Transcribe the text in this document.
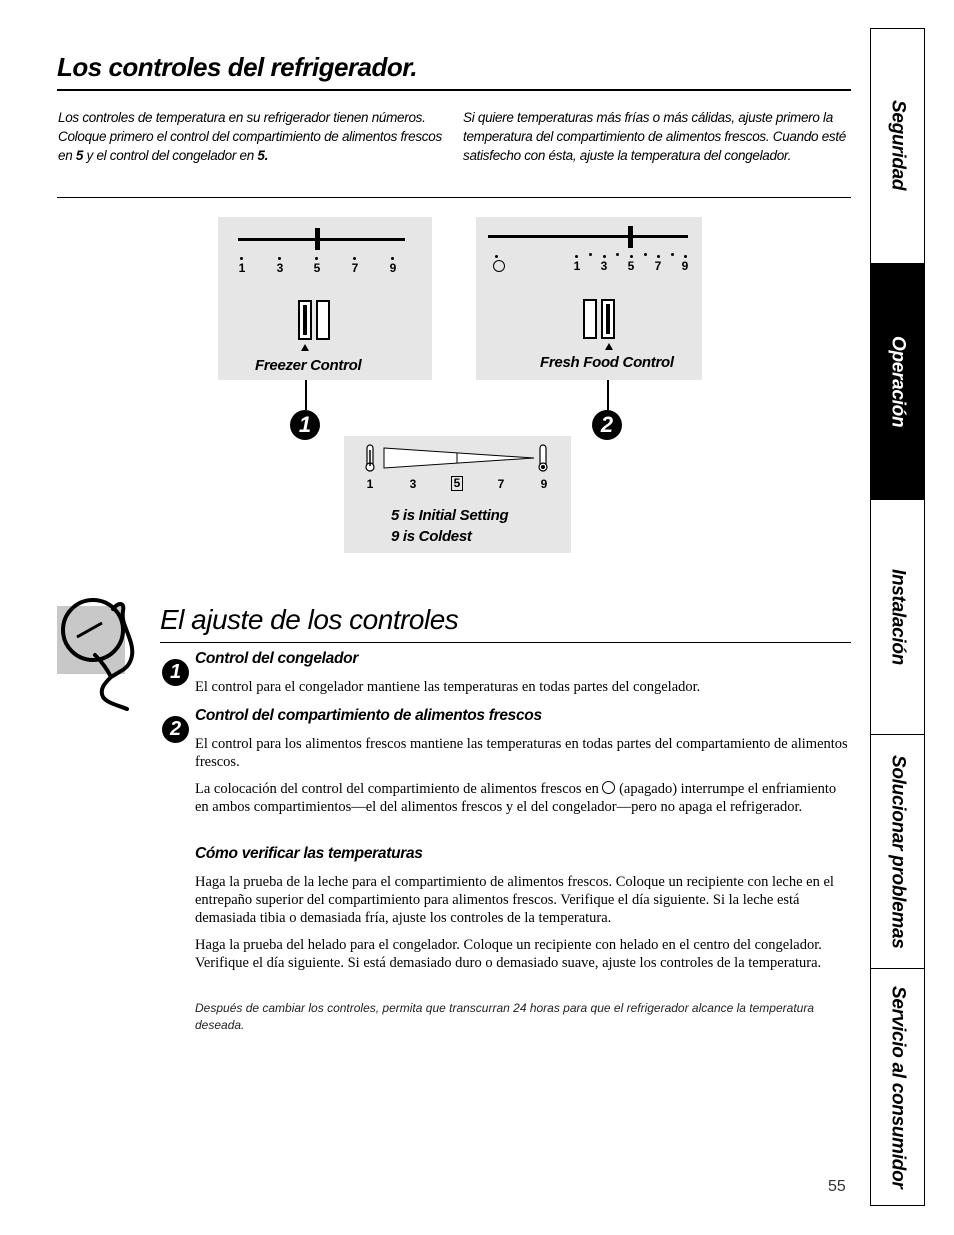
Los controles del refrigerador.
Los controles de temperatura en su refrigerador tienen números. Coloque primero el control del compartimiento de alimentos frescos en 5 y el control del congelador en 5.
Si quiere temperaturas más frías o más cálidas, ajuste primero la temperatura del compartimiento de alimentos frescos. Cuando esté satisfecho con ésta, ajuste la temperatura del congelador.
1	3	5	7	9
Freezer Control
1
1 3 5 7 9
Fresh Food Control
2
1	3	5	7	9
5 is Initial Setting
9 is Coldest
El ajuste de los controles
1
Control del congelador
El control para el congelador mantiene las temperaturas en todas partes del congelador.
2
Control del compartimiento de alimentos frescos
El control para los alimentos frescos mantiene las temperaturas en todas partes del compartamiento de alimentos frescos.
La colocación del control del compartimiento de alimentos frescos en  (apagado) interrumpe el enfriamiento en ambos compartimientos—el del alimentos frescos y el del congelador—pero no apaga el refrigerador.
Cómo verificar las temperaturas
Haga la prueba de la leche para el compartimiento de alimentos frescos. Coloque un recipiente con leche en el entrepaño superior del compartimiento para alimentos frescos. Verifique el día siguiente. Si la leche está demasiada tibia o demasiada fría, ajuste los controles de la temperatura.
Haga la prueba del helado para el congelador. Coloque un recipiente con helado en el centro del congelador. Verifique el día siguiente. Si está demasiado duro o demasiado suave, ajuste los controles de la temperatura.
Después de cambiar los controles, permita que transcurran 24 horas para que el refrigerador alcance la temperatura deseada.
Seguridad
Operación
Instalación
Solucionar problemas
Servicio al consumidor
55
